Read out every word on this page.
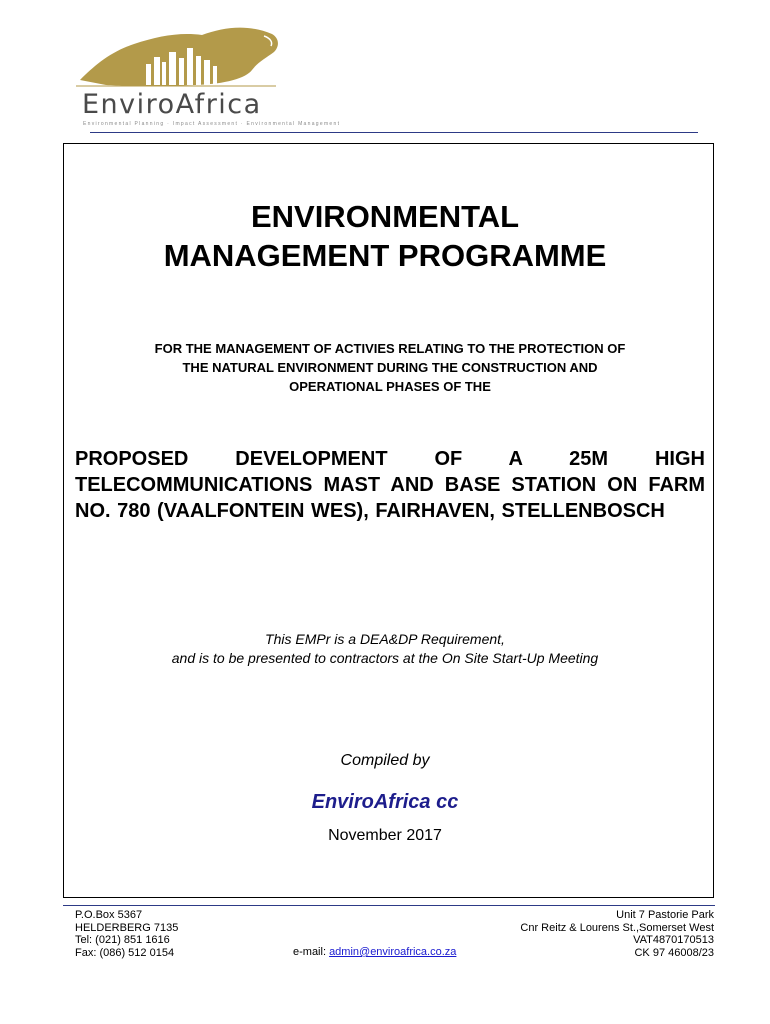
EnviroAfrica
Environmental Planning · Impact Assessment · Environmental Management
ENVIRONMENTAL
MANAGEMENT PROGRAMME
FOR THE MANAGEMENT OF ACTIVIES RELATING TO THE PROTECTION OF
THE NATURAL ENVIRONMENT DURING THE CONSTRUCTION AND
OPERATIONAL PHASES OF THE
PROPOSED DEVELOPMENT OF A 25M HIGH TELECOMMUNICATIONS MAST AND BASE STATION ON FARM NO. 780 (VAALFONTEIN WES), FAIRHAVEN, STELLENBOSCH
This EMPr is a DEA&DP Requirement,
and is to be presented to contractors at the On Site Start-Up Meeting
Compiled by
EnviroAfrica cc
November 2017
P.O.Box 5367
HELDERBERG 7135
Tel: (021) 851 1616
Fax: (086) 512 0154	e-mail: admin@enviroafrica.co.za
Unit 7 Pastorie Park
Cnr Reitz & Lourens St.,Somerset West
VAT4870170513
CK 97 46008/23
